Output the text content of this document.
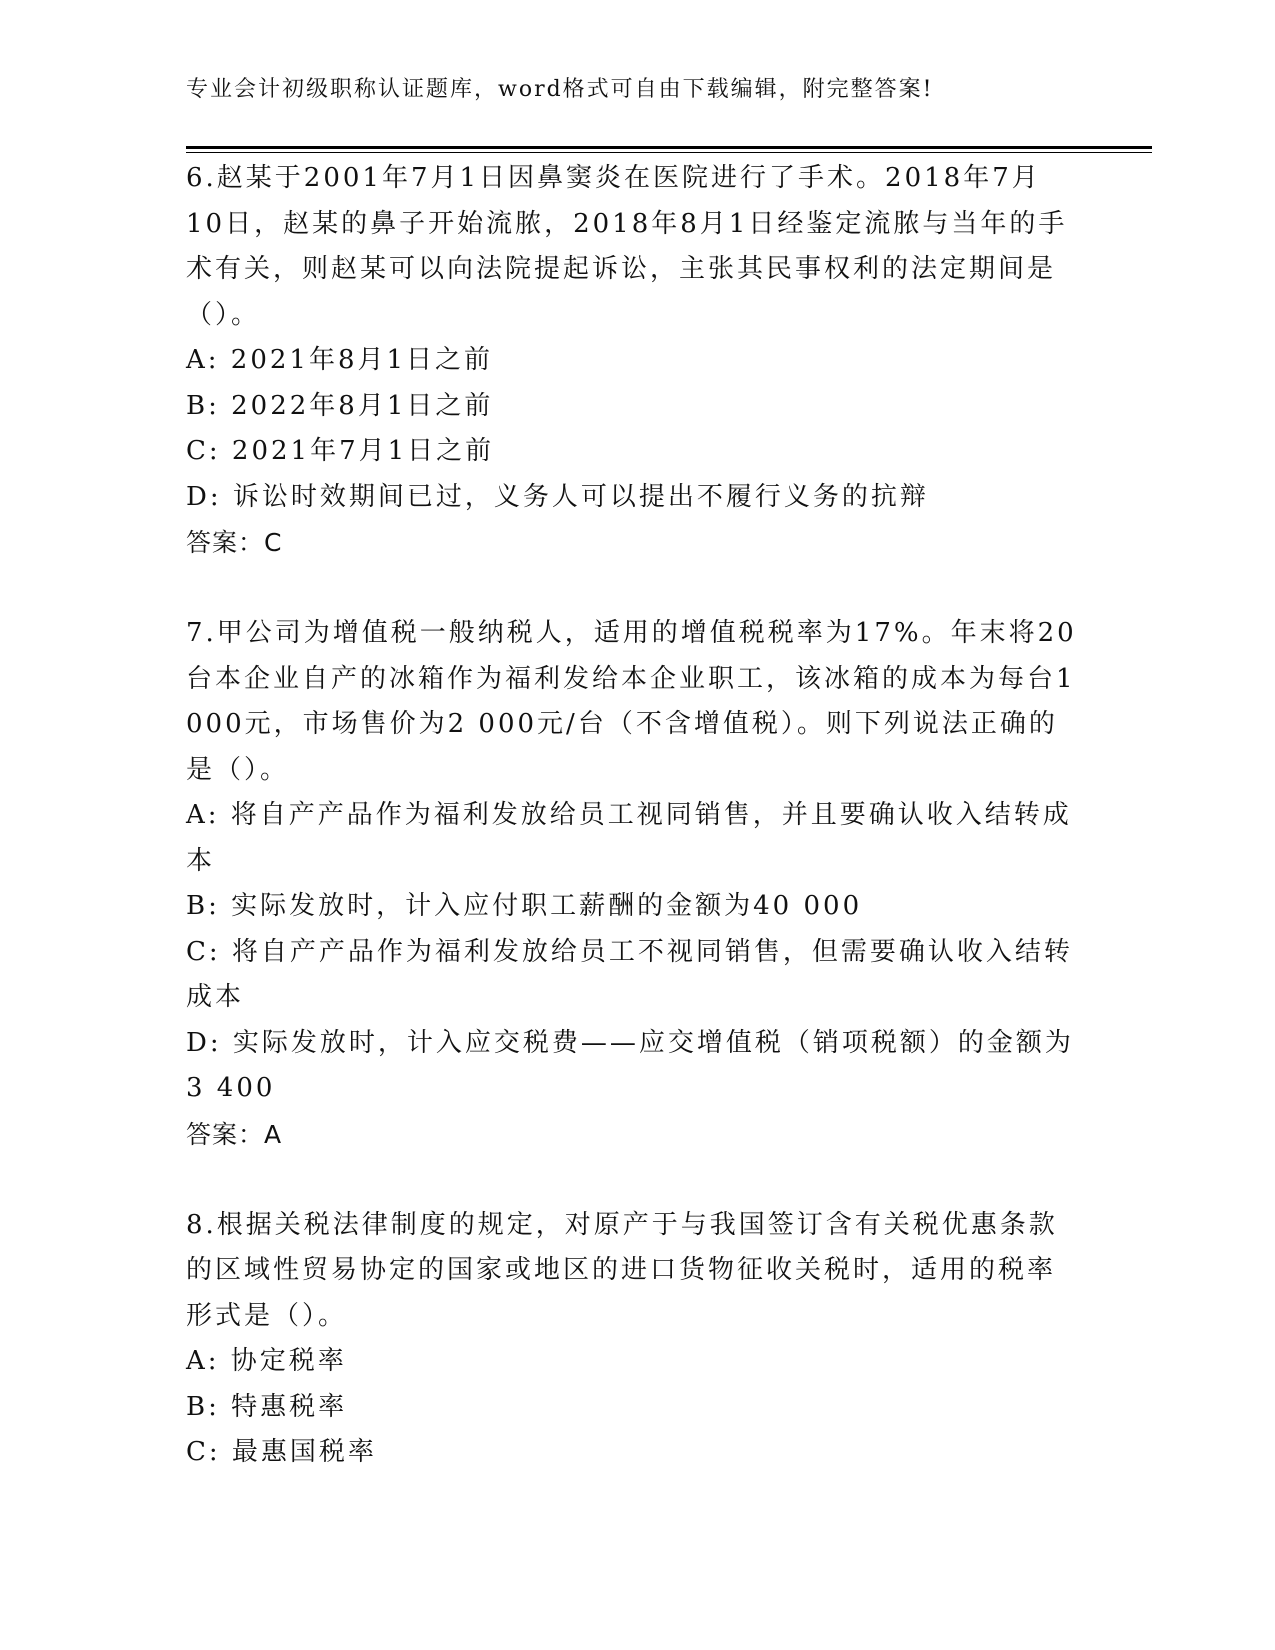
专业会计初级职称认证题库，word格式可自由下载编辑，附完整答案!
6.赵某于2001年7月1日因鼻窦炎在医院进行了手术。2018年7月
10日，赵某的鼻子开始流脓，2018年8月1日经鉴定流脓与当年的手
术有关，则赵某可以向法院提起诉讼，主张其民事权利的法定期间是
（）。
A: 2021年8月1日之前
B: 2022年8月1日之前
C: 2021年7月1日之前
D: 诉讼时效期间已过，义务人可以提出不履行义务的抗辩
答案：C
7.甲公司为增值税一般纳税人，适用的增值税税率为17%。年末将20
台本企业自产的冰箱作为福利发给本企业职工，该冰箱的成本为每台1
000元，市场售价为2 000元/台（不含增值税）。则下列说法正确的
是（）。
A: 将自产产品作为福利发放给员工视同销售，并且要确认收入结转成
本
B: 实际发放时，计入应付职工薪酬的金额为40 000
C: 将自产产品作为福利发放给员工不视同销售，但需要确认收入结转
成本
D: 实际发放时，计入应交税费——应交增值税（销项税额）的金额为
3 400
答案：A
8.根据关税法律制度的规定，对原产于与我国签订含有关税优惠条款
的区域性贸易协定的国家或地区的进口货物征收关税时，适用的税率
形式是（）。
A: 协定税率
B: 特惠税率
C: 最惠国税率
